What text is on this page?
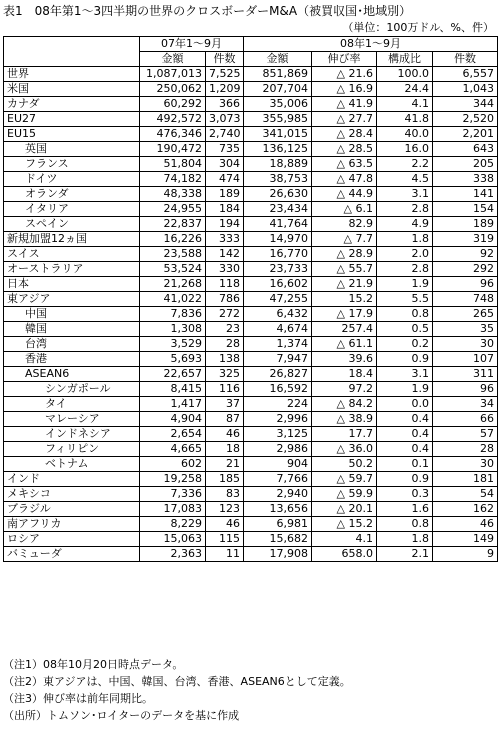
表1　08年第1～3四半期の世界のクロスボーダーM&A（被買収国･地域別）
（単位：100万ドル、%、件）
	07年1～9月		08年1～9月			
	金額	件数	金額	伸び率	構成比	件数
世界	1,087,013	7,525	851,869	△ 21.6	100.0	6,557
米国	250,062	1,209	207,704	△ 16.9	24.4	1,043
カナダ	60,292	366	35,006	△ 41.9	4.1	344
EU27	492,572	3,073	355,985	△ 27.7	41.8	2,520
EU15	476,346	2,740	341,015	△ 28.4	40.0	2,201
英国	190,472	735	136,125	△ 28.5	16.0	643
フランス	51,804	304	18,889	△ 63.5	2.2	205
ドイツ	74,182	474	38,753	△ 47.8	4.5	338
オランダ	48,338	189	26,630	△ 44.9	3.1	141
イタリア	24,955	184	23,434	△ 6.1	2.8	154
スペイン	22,837	194	41,764	82.9	4.9	189
新規加盟12ヵ国	16,226	333	14,970	△ 7.7	1.8	319
スイス	23,588	142	16,770	△ 28.9	2.0	92
オーストラリア	53,524	330	23,733	△ 55.7	2.8	292
日本	21,268	118	16,602	△ 21.9	1.9	96
東アジア	41,022	786	47,255	15.2	5.5	748
中国	7,836	272	6,432	△ 17.9	0.8	265
韓国	1,308	23	4,674	257.4	0.5	35
台湾	3,529	28	1,374	△ 61.1	0.2	30
香港	5,693	138	7,947	39.6	0.9	107
ASEAN6	22,657	325	26,827	18.4	3.1	311
シンガポール	8,415	116	16,592	97.2	1.9	96
タイ	1,417	37	224	△ 84.2	0.0	34
マレーシア	4,904	87	2,996	△ 38.9	0.4	66
インドネシア	2,654	46	3,125	17.7	0.4	57
フィリピン	4,665	18	2,986	△ 36.0	0.4	28
ベトナム	602	21	904	50.2	0.1	30
インド	19,258	185	7,766	△ 59.7	0.9	181
メキシコ	7,336	83	2,940	△ 59.9	0.3	54
ブラジル	17,083	123	13,656	△ 20.1	1.6	162
南アフリカ	8,229	46	6,981	△ 15.2	0.8	46
ロシア	15,063	115	15,682	4.1	1.8	149
バミューダ	2,363	11	17,908	658.0	2.1	9
（注1）08年10月20日時点データ。
（注2）東アジアは、中国、韓国、台湾、香港、ASEAN6として定義。
（注3）伸び率は前年同期比。
（出所）トムソン･ロイターのデータを基に作成
